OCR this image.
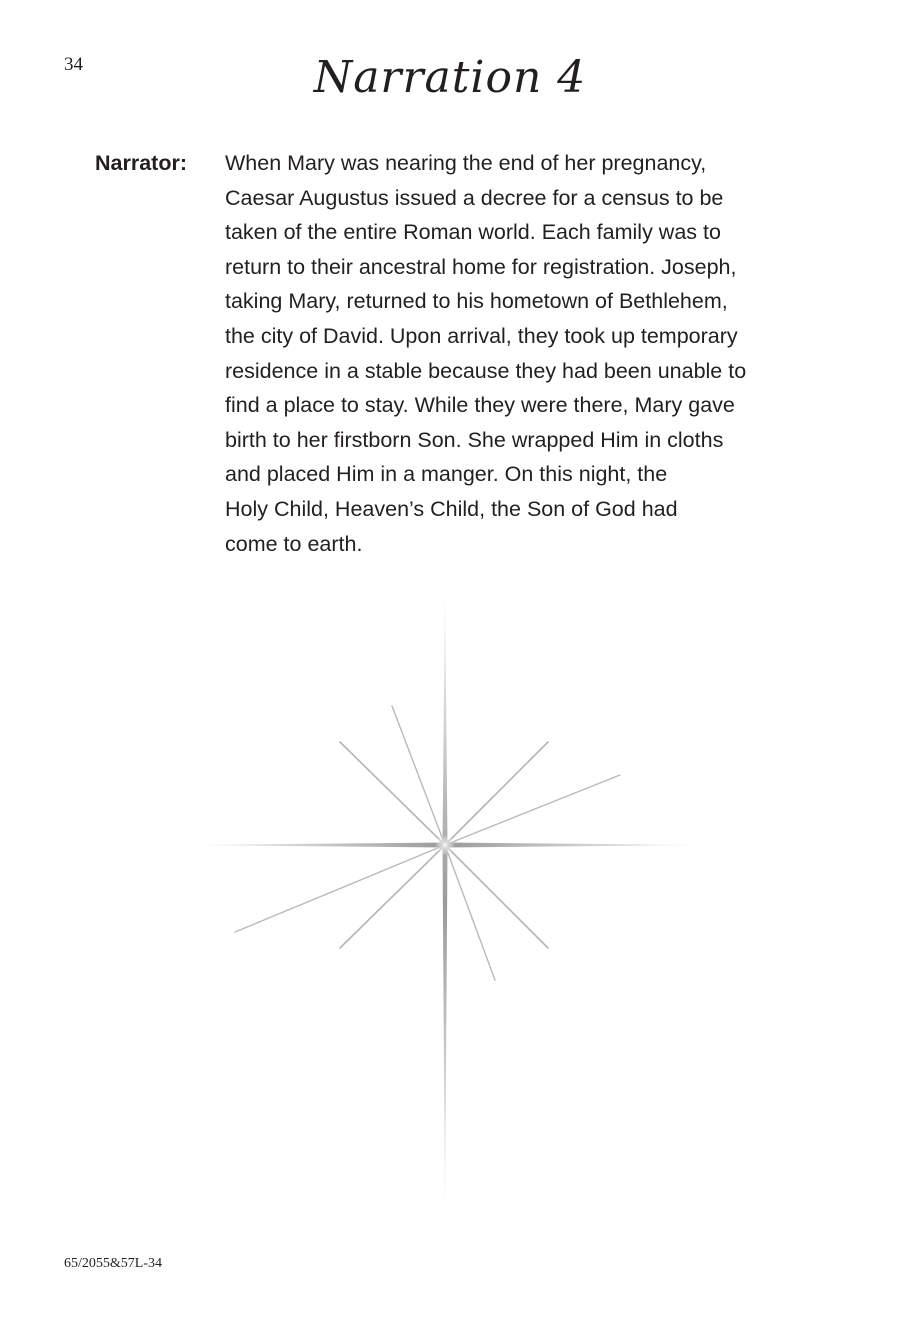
34	Narration 4
Narrator: When Mary was nearing the end of her pregnancy,
Caesar Augustus issued a decree for a census to be
taken of the entire Roman world. Each family was to
return to their ancestral home for registration. Joseph,
taking Mary, returned to his hometown of Bethlehem,
the city of David. Upon arrival, they took up temporary
residence in a stable because they had been unable to
find a place to stay. While they were there, Mary gave
birth to her firstborn Son. She wrapped Him in cloths
and placed Him in a manger. On this night, the
Holy Child, Heaven’s Child, the Son of God had
come to earth.

65/2055&57L-34
